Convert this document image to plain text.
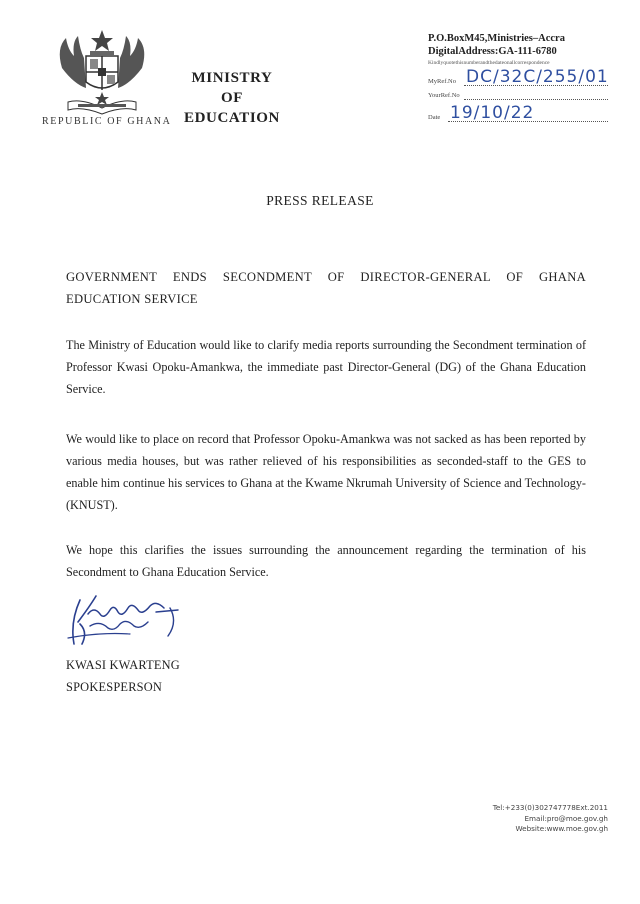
REPUBLIC OF GHANA
MINISTRY
OF
EDUCATION
P.O.BoxM45,Ministries–Accra
DigitalAddress:GA-111-6780
Kindlyquotethisnumberandthedateonallcorrespondence
MyRef.No DC/32C/255/01
YourRef.No
Date 19/10/22
PRESS RELEASE
GOVERNMENT ENDS SECONDMENT OF DIRECTOR-GENERAL OF GHANA EDUCATION SERVICE
The Ministry of Education would like to clarify media reports surrounding the Secondment termination of Professor Kwasi Opoku-Amankwa, the immediate past Director-General (DG) of the Ghana Education Service.
We would like to place on record that Professor Opoku-Amankwa was not sacked as has been reported by various media houses, but was rather relieved of his responsibilities as seconded-staff to the GES to enable him continue his services to Ghana at the Kwame Nkrumah University of Science and Technology-(KNUST).
We hope this clarifies the issues surrounding the announcement regarding the termination of his Secondment to Ghana Education Service.
KWASI KWARTENG
SPOKESPERSON
Tel:+233(0)302747778Ext.2011
Email:pro@moe.gov.gh
Website:www.moe.gov.gh
